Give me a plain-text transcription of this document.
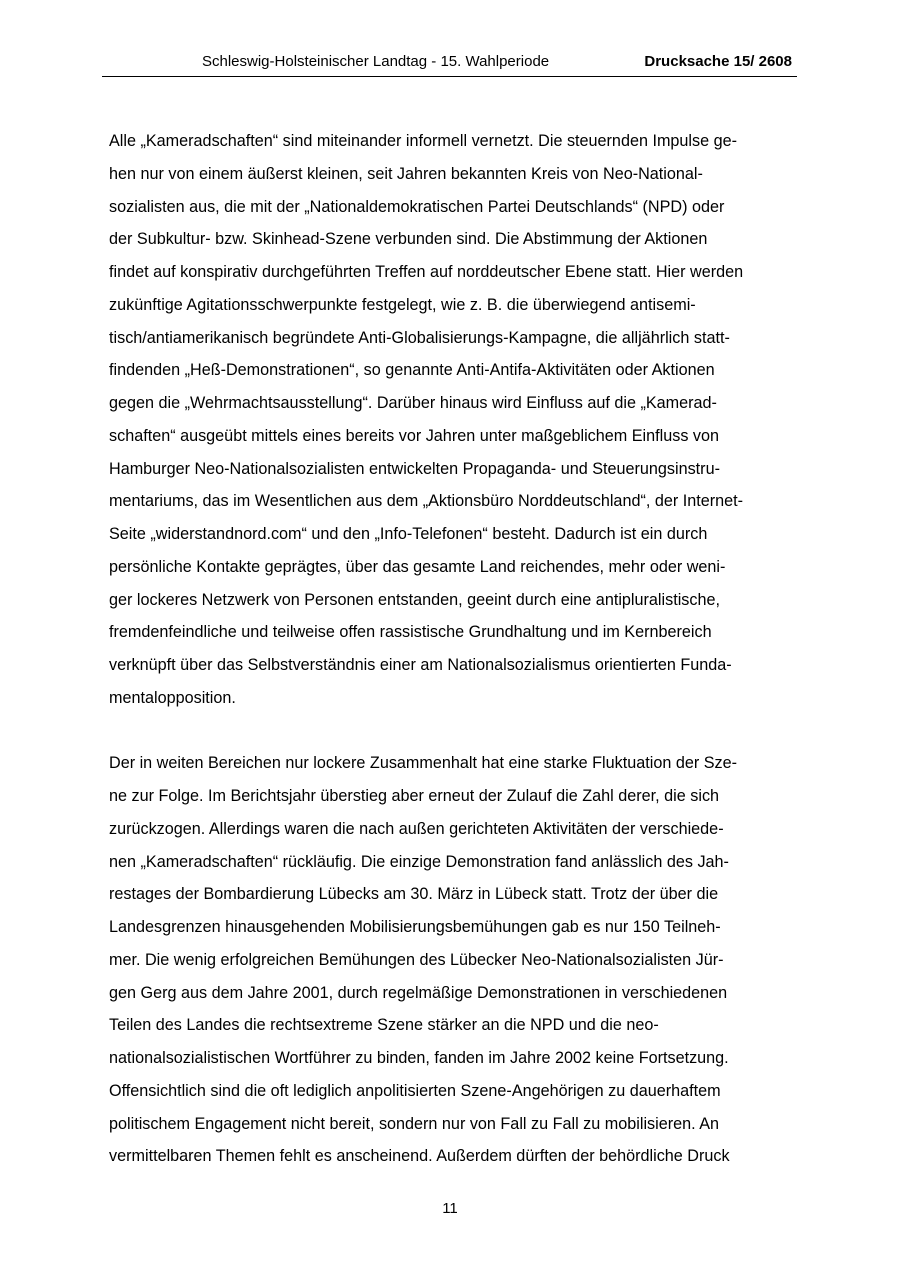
Schleswig-Holsteinischer Landtag - 15. Wahlperiode	Drucksache 15/ 2608
Alle „Kameradschaften“ sind miteinander informell vernetzt. Die steuernden Impulse ge-
hen nur von einem äußerst kleinen, seit Jahren bekannten Kreis von Neo-National-
sozialisten aus, die mit der „Nationaldemokratischen Partei Deutschlands“ (NPD) oder
der Subkultur- bzw. Skinhead-Szene verbunden sind. Die Abstimmung der Aktionen
findet auf konspirativ durchgeführten Treffen auf norddeutscher Ebene statt. Hier werden
zukünftige Agitationsschwerpunkte festgelegt, wie z. B. die überwiegend antisemi-
tisch/antiamerikanisch begründete Anti-Globalisierungs-Kampagne, die alljährlich statt-
findenden „Heß-Demonstrationen“, so genannte Anti-Antifa-Aktivitäten oder Aktionen
gegen die „Wehrmachtsausstellung“. Darüber hinaus wird Einfluss auf die „Kamerad-
schaften“ ausgeübt mittels eines bereits vor Jahren unter maßgeblichem Einfluss von
Hamburger Neo-Nationalsozialisten entwickelten Propaganda- und Steuerungsinstru-
mentariums, das im Wesentlichen aus dem „Aktionsbüro Norddeutschland“, der Internet-
Seite „widerstandnord.com“ und den „Info-Telefonen“ besteht. Dadurch ist ein durch
persönliche Kontakte geprägtes, über das gesamte Land reichendes, mehr oder weni-
ger lockeres Netzwerk von Personen entstanden, geeint durch eine antipluralistische,
fremdenfeindliche und teilweise offen rassistische Grundhaltung und im Kernbereich
verknüpft über das Selbstverständnis einer am Nationalsozialismus orientierten Funda-
mentalopposition.
Der in weiten Bereichen nur lockere Zusammenhalt hat eine starke Fluktuation der Sze-
ne zur Folge. Im Berichtsjahr überstieg aber erneut der Zulauf die Zahl derer, die sich
zurückzogen. Allerdings waren die nach außen gerichteten Aktivitäten der verschiede-
nen „Kameradschaften“ rückläufig. Die einzige Demonstration fand anlässlich des Jah-
restages der Bombardierung Lübecks am 30. März in Lübeck statt. Trotz der über die
Landesgrenzen hinausgehenden Mobilisierungsbemühungen gab es nur 150 Teilneh-
mer. Die wenig erfolgreichen Bemühungen des Lübecker Neo-Nationalsozialisten Jür-
gen Gerg aus dem Jahre 2001, durch regelmäßige Demonstrationen in verschiedenen
Teilen des Landes die rechtsextreme Szene stärker an die NPD und die neo-
nationalsozialistischen Wortführer zu binden, fanden im Jahre 2002 keine Fortsetzung.
Offensichtlich sind die oft lediglich anpolitisierten Szene-Angehörigen zu dauerhaftem
politischem Engagement nicht bereit, sondern nur von Fall zu Fall zu mobilisieren. An
vermittelbaren Themen fehlt es anscheinend. Außerdem dürften der behördliche Druck
11
